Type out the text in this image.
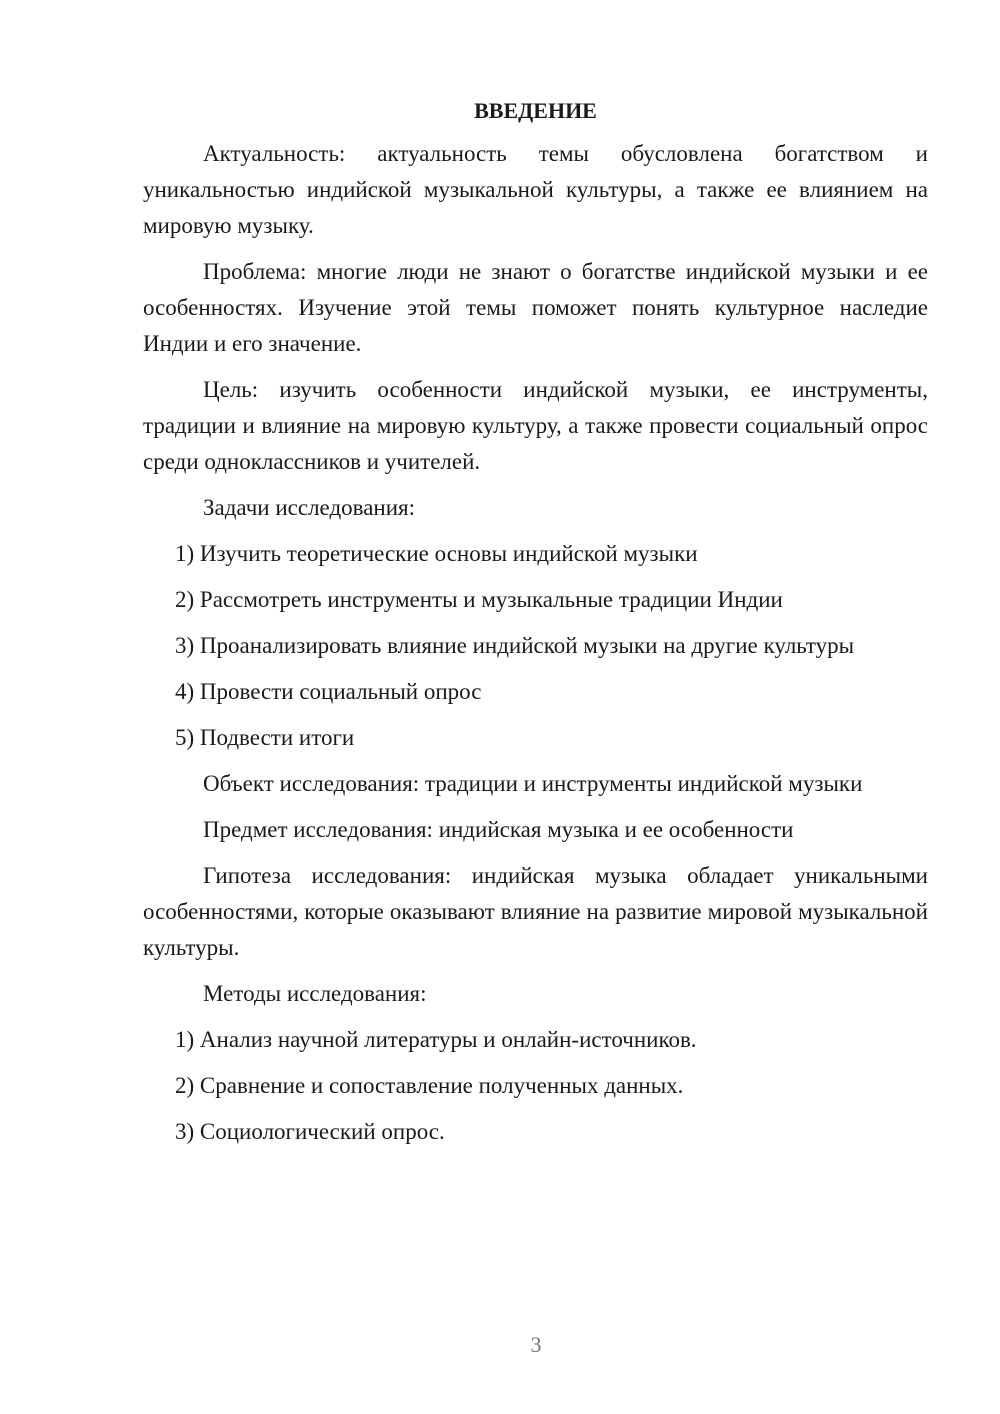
ВВЕДЕНИЕ
Актуальность: актуальность темы обусловлена богатством и уникальностью индийской музыкальной культуры, а также ее влиянием на мировую музыку.
Проблема: многие люди не знают о богатстве индийской музыки и ее особенностях. Изучение этой темы поможет понять культурное наследие Индии и его значение.
Цель: изучить особенности индийской музыки, ее инструменты, традиции и влияние на мировую культуру, а также провести социальный опрос среди одноклассников и учителей.
Задачи исследования:
1) Изучить теоретические основы индийской музыки
2) Рассмотреть инструменты и музыкальные традиции Индии
3) Проанализировать влияние индийской музыки на другие культуры
4) Провести социальный опрос
5) Подвести итоги
Объект исследования: традиции и инструменты индийской музыки
Предмет исследования: индийская музыка и ее особенности
Гипотеза исследования: индийская музыка обладает уникальными особенностями, которые оказывают влияние на развитие мировой музыкальной культуры.
Методы исследования:
1) Анализ научной литературы и онлайн-источников.
2) Сравнение и сопоставление полученных данных.
3) Социологический опрос.
3
